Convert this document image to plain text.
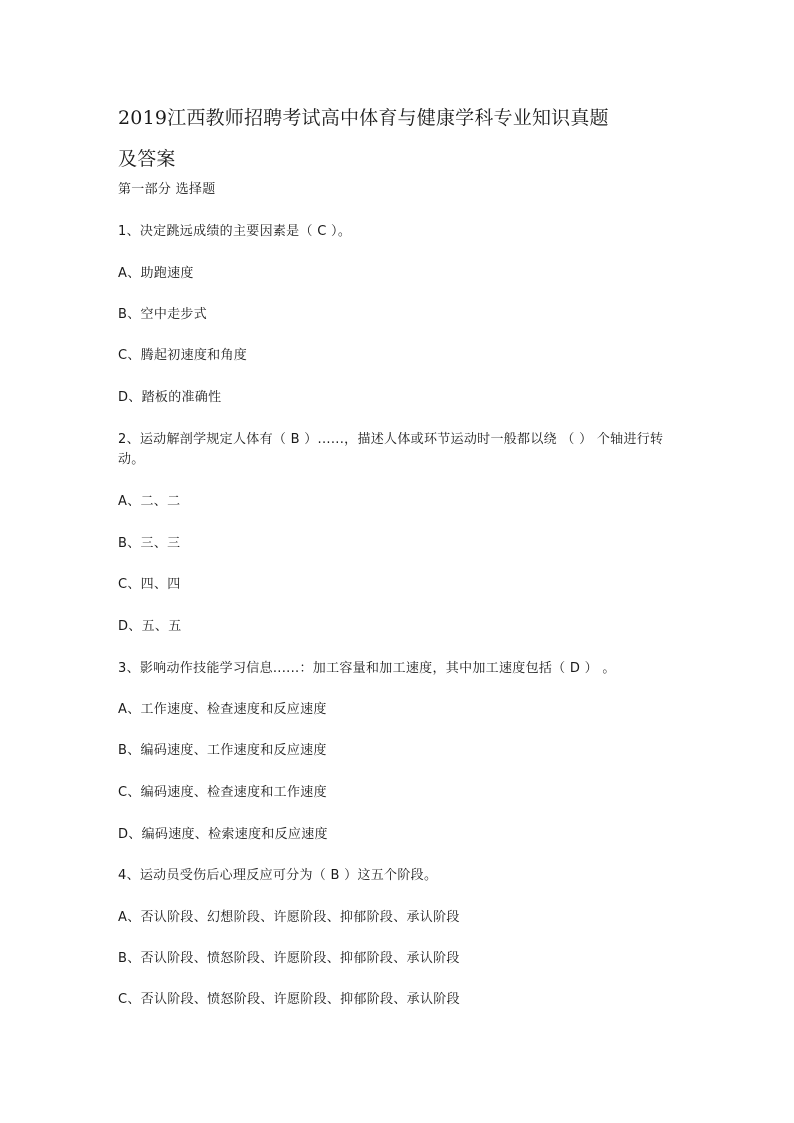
2019江西教师招聘考试高中体育与健康学科专业知识真题
及答案
第一部分 选择题
1、决定跳远成绩的主要因素是（ C ）。
A、助跑速度
B、空中走步式
C、腾起初速度和角度
D、踏板的准确性
2、运动解剖学规定人体有（ B ）......，描述人体或环节运动时一般都以绕 （ ） 个轴进行转动。
A、二、二
B、三、三
C、四、四
D、五、五
3、影响动作技能学习信息......：加工容量和加工速度，其中加工速度包括（ D ） 。
A、工作速度、检查速度和反应速度
B、编码速度、工作速度和反应速度
C、编码速度、检查速度和工作速度
D、编码速度、检索速度和反应速度
4、运动员受伤后心理反应可分为（ B ）这五个阶段。
A、否认阶段、幻想阶段、许愿阶段、抑郁阶段、承认阶段
B、否认阶段、愤怒阶段、许愿阶段、抑郁阶段、承认阶段
C、否认阶段、愤怒阶段、许愿阶段、抑郁阶段、承认阶段
